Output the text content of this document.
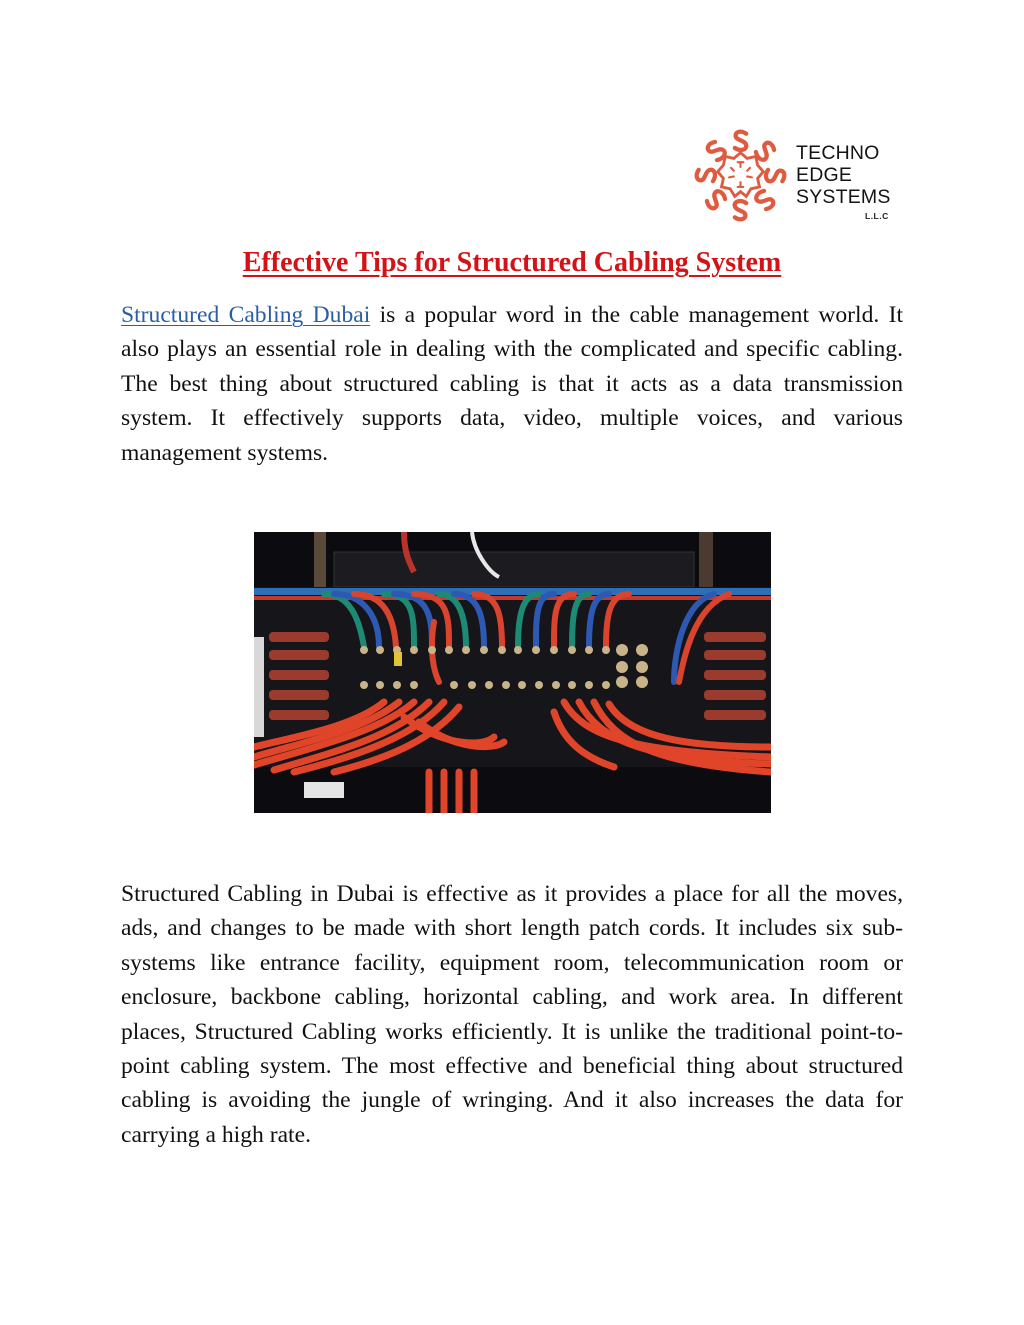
TECHNO
EDGE
SYSTEMS
L.L.C
Effective Tips for Structured Cabling System

Structured Cabling Dubai is a popular word in the cable management world. It also plays an essential role in dealing with the complicated and specific cabling. The best thing about structured cabling is that it acts as a data transmission system. It effectively supports data, video, multiple voices, and various management systems.

Structured Cabling in Dubai is effective as it provides a place for all the moves, ads, and changes to be made with short length patch cords. It includes six sub-systems like entrance facility, equipment room, telecommunication room or enclosure, backbone cabling, horizontal cabling, and work area. In different places, Structured Cabling works efficiently. It is unlike the traditional point-to-point cabling system. The most effective and beneficial thing about structured cabling is avoiding the jungle of wringing. And it also increases the data for carrying a high rate.
